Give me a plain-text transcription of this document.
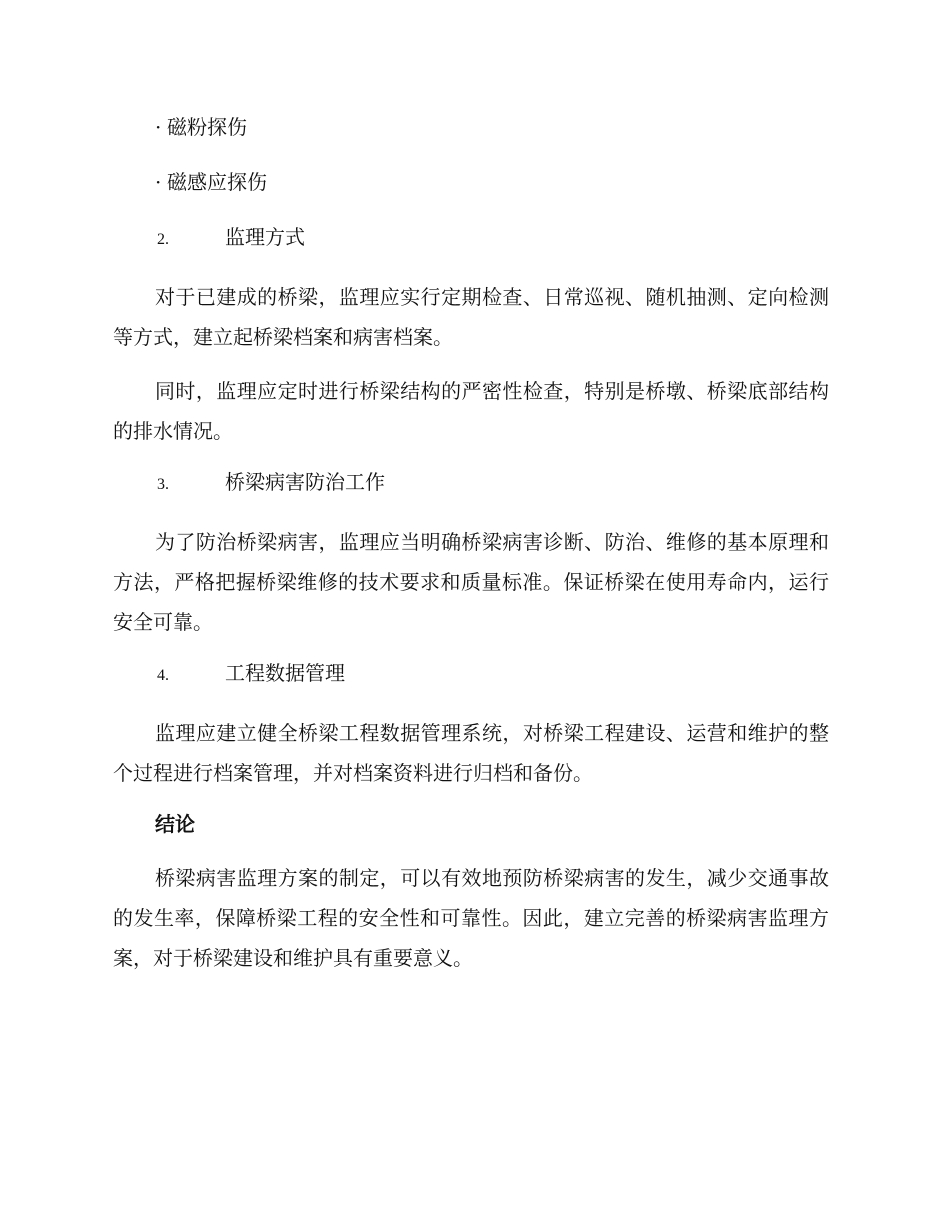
· 磁粉探伤
· 磁感应探伤
2.	监理方式

对于已建成的桥梁，监理应实行定期检查、日常巡视、随机抽测、定向检测等方式，建立起桥梁档案和病害档案。

同时，监理应定时进行桥梁结构的严密性检查，特别是桥墩、桥梁底部结构的排水情况。

3.	桥梁病害防治工作

为了防治桥梁病害，监理应当明确桥梁病害诊断、防治、维修的基本原理和方法，严格把握桥梁维修的技术要求和质量标准。保证桥梁在使用寿命内，运行安全可靠。

4.	工程数据管理

监理应建立健全桥梁工程数据管理系统，对桥梁工程建设、运营和维护的整个过程进行档案管理，并对档案资料进行归档和备份。

结论

桥梁病害监理方案的制定，可以有效地预防桥梁病害的发生，减少交通事故的发生率，保障桥梁工程的安全性和可靠性。因此，建立完善的桥梁病害监理方案，对于桥梁建设和维护具有重要意义。
